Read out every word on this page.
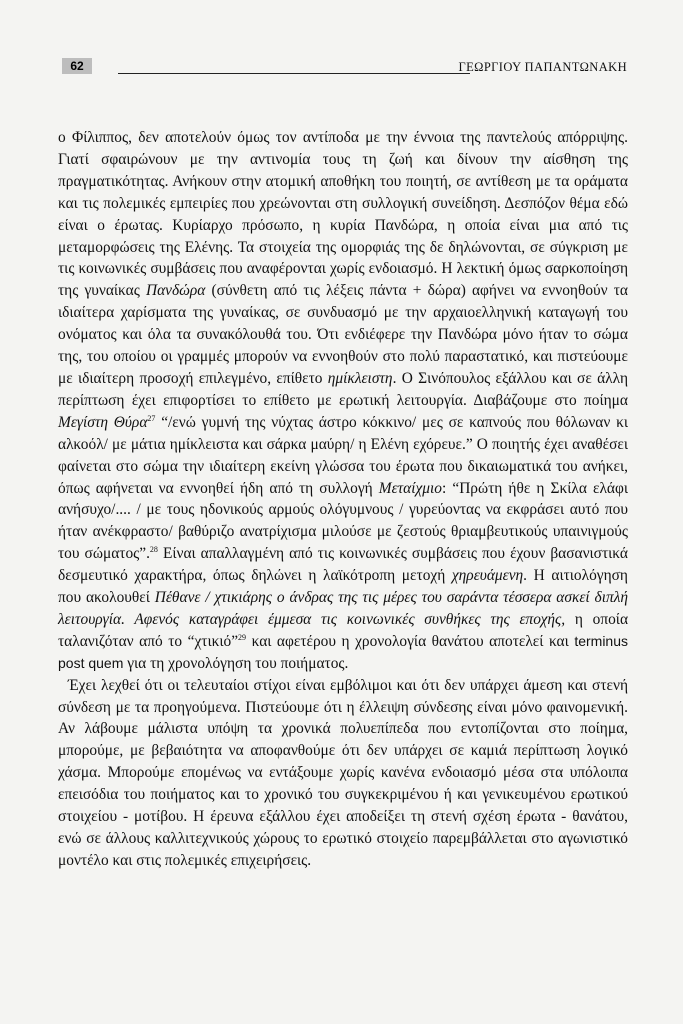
62	ΓΕΩΡΓΙΟΥ ΠΑΠΑΝΤΩΝΑΚΗ

ο Φίλιππος, δεν αποτελούν όμως τον αντίποδα με την έννοια της παντελούς απόρριψης. Γιατί σφαιρώνουν με την αντινομία τους τη ζωή και δίνουν την αίσθηση της πραγματικότητας. Ανήκουν στην ατομική αποθήκη του ποιητή, σε αντίθεση με τα οράματα και τις πολεμικές εμπειρίες που χρεώνονται στη συλλογική συνείδηση. Δεσπόζον θέμα εδώ είναι ο έρωτας. Κυρίαρχο πρόσωπο, η κυρία Πανδώρα, η οποία είναι μια από τις μεταμορφώσεις της Ελένης. Τα στοιχεία της ομορφιάς της δε δηλώνονται, σε σύγκριση με τις κοινωνικές συμβάσεις που αναφέρονται χωρίς ενδοιασμό. Η λεκτική όμως σαρκοποίηση της γυναίκας Πανδώρα (σύνθετη από τις λέξεις πάντα + δώρα) αφήνει να εννοηθούν τα ιδιαίτερα χαρίσματα της γυναίκας, σε συνδυασμό με την αρχαιοελληνική καταγωγή του ονόματος και όλα τα συνακόλουθά του. Ότι ενδιέφερε την Πανδώρα μόνο ήταν το σώμα της, του οποίου οι γραμμές μπορούν να εννοηθούν στο πολύ παραστατικό, και πιστεύουμε με ιδιαίτερη προσοχή επιλεγμένο, επίθετο ημίκλειστη. Ο Σινόπουλος εξάλλου και σε άλλη περίπτωση έχει επιφορτίσει το επίθετο με ερωτική λειτουργία. Διαβάζουμε στο ποίημα Μεγίστη Θύρα$^{27}$ “/ενώ γυμνή της νύχτας άστρο κόκκινο/ μες σε καπνούς που θόλωναν κι αλκοόλ/ με μάτια ημίκλειστα και σάρκα μαύρη/ η Ελένη εχόρευε.” Ο ποιητής έχει αναθέσει φαίνεται στο σώμα την ιδιαίτερη εκείνη γλώσσα του έρωτα που δικαιωματικά του ανήκει, όπως αφήνεται να εννοηθεί ήδη από τη συλλογή Μεταίχμιο: “Πρώτη ήθε η Σκίλα ελάφι ανήσυχο/.... / με τους ηδονικούς αρμούς ολόγυμνους / γυρεύοντας να εκφράσει αυτό που ήταν ανέκφραστο/ βαθύριζο ανατρίχισμα μιλούσε με ζεστούς θριαμβευτικούς υπαινιγμούς του σώματος”.$^{28}$ Είναι απαλλαγμένη από τις κοινωνικές συμβάσεις που έχουν βασανιστικά δεσμευτικό χαρακτήρα, όπως δηλώνει η λαϊκότροπη μετοχή χηρευάμενη. Η αιτιολόγηση που ακολουθεί Πέθανε / χτικιάρης ο άνδρας της τις μέρες του σαράντα τέσσερα ασκεί διπλή λειτουργία. Αφενός καταγράφει έμμεσα τις κοινωνικές συνθήκες της εποχής, η οποία ταλανιζόταν από το “χτικιό”$^{29}$ και αφετέρου η χρονολογία θανάτου αποτελεί και terminus post quem για τη χρονολόγηση του ποιήματος.

Έχει λεχθεί ότι οι τελευταίοι στίχοι είναι εμβόλιμοι και ότι δεν υπάρχει άμεση και στενή σύνδεση με τα προηγούμενα. Πιστεύουμε ότι η έλλειψη σύνδεσης είναι μόνο φαινομενική. Αν λάβουμε μάλιστα υπόψη τα χρονικά πολυεπίπεδα που εντοπίζονται στο ποίημα, μπορούμε, με βεβαιότητα να αποφανθούμε ότι δεν υπάρχει σε καμιά περίπτωση λογικό χάσμα. Μπορούμε επομένως να εντάξουμε χωρίς κανένα ενδοιασμό μέσα στα υπόλοιπα επεισόδια του ποιήματος και το χρονικό του συγκεκριμένου ή και γενικευμένου ερωτικού στοιχείου - μοτίβου. Η έρευνα εξάλλου έχει αποδείξει τη στενή σχέση έρωτα - θανάτου, ενώ σε άλλους καλλιτεχνικούς χώρους το ερωτικό στοιχείο παρεμβάλλεται στο αγωνιστικό μοντέλο και στις πολεμικές επιχειρήσεις.
